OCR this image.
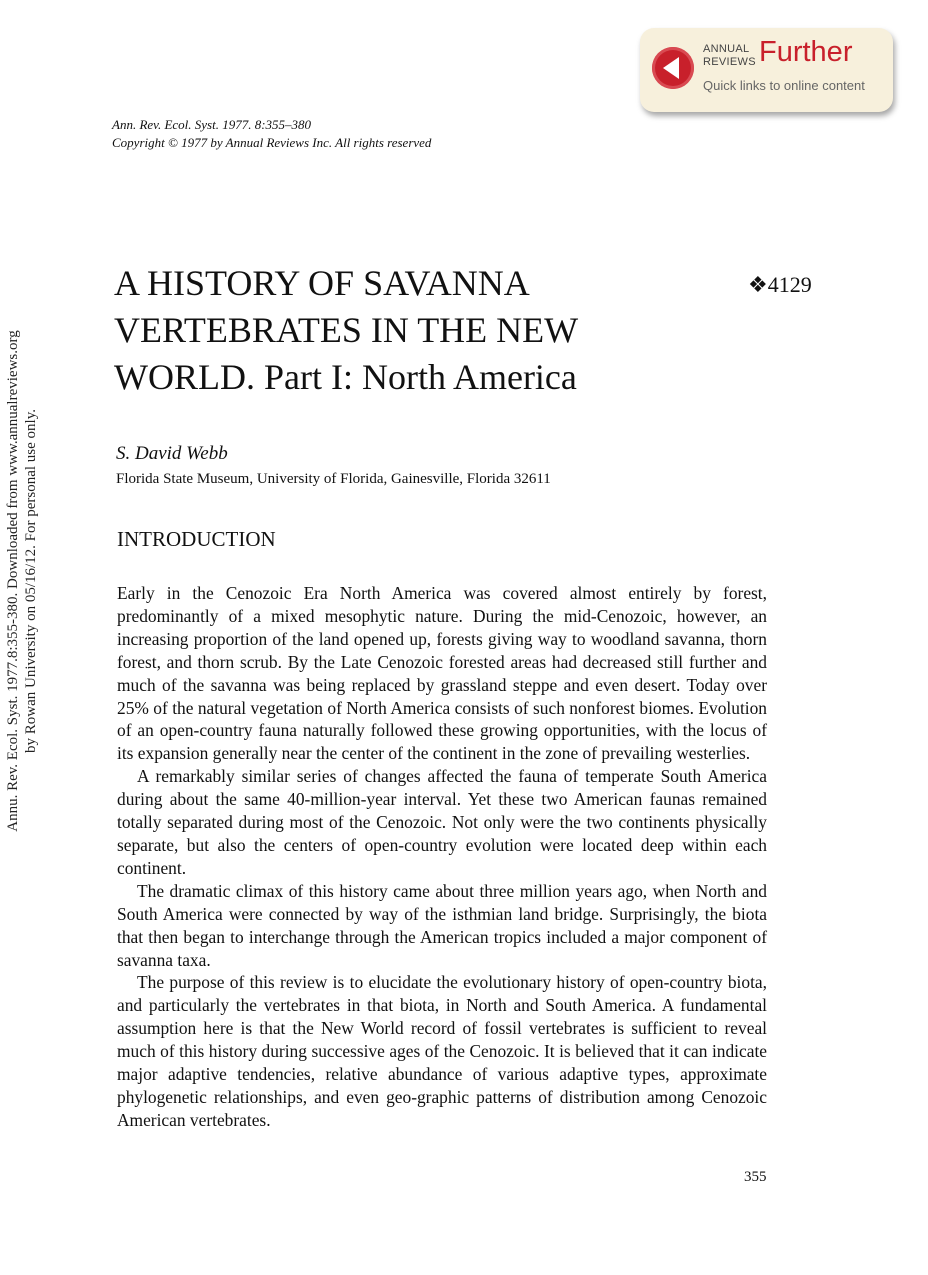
ANNUAL
REVIEWS Further
Quick links to online content
Ann. Rev. Ecol. Syst. 1977. 8:355–380
Copyright © 1977 by Annual Reviews Inc. All rights reserved
Annu. Rev. Ecol. Syst. 1977.8:355-380. Downloaded from www.annualreviews.org by Rowan University on 05/16/12. For personal use only.
A HISTORY OF SAVANNA VERTEBRATES IN THE NEW WORLD. Part I: North America
❖4129
S. David Webb
Florida State Museum, University of Florida, Gainesville, Florida 32611
INTRODUCTION

Early in the Cenozoic Era North America was covered almost entirely by forest, predominantly of a mixed mesophytic nature. During the mid-Cenozoic, however, an increasing proportion of the land opened up, forests giving way to woodland savanna, thorn forest, and thorn scrub. By the Late Cenozoic forested areas had decreased still further and much of the savanna was being replaced by grassland steppe and even desert. Today over 25% of the natural vegetation of North America consists of such nonforest biomes. Evolution of an open-country fauna naturally followed these growing opportunities, with the locus of its expansion generally near the center of the continent in the zone of prevailing westerlies.

A remarkably similar series of changes affected the fauna of temperate South America during about the same 40-million-year interval. Yet these two American faunas remained totally separated during most of the Cenozoic. Not only were the two continents physically separate, but also the centers of open-country evolution were located deep within each continent.

The dramatic climax of this history came about three million years ago, when North and South America were connected by way of the isthmian land bridge. Surprisingly, the biota that then began to interchange through the American tropics included a major component of savanna taxa.

The purpose of this review is to elucidate the evolutionary history of open-country biota, and particularly the vertebrates in that biota, in North and South America. A fundamental assumption here is that the New World record of fossil vertebrates is sufficient to reveal much of this history during successive ages of the Cenozoic. It is believed that it can indicate major adaptive tendencies, relative abundance of various adaptive types, approximate phylogenetic relationships, and even geo-graphic patterns of distribution among Cenozoic American vertebrates.

355
